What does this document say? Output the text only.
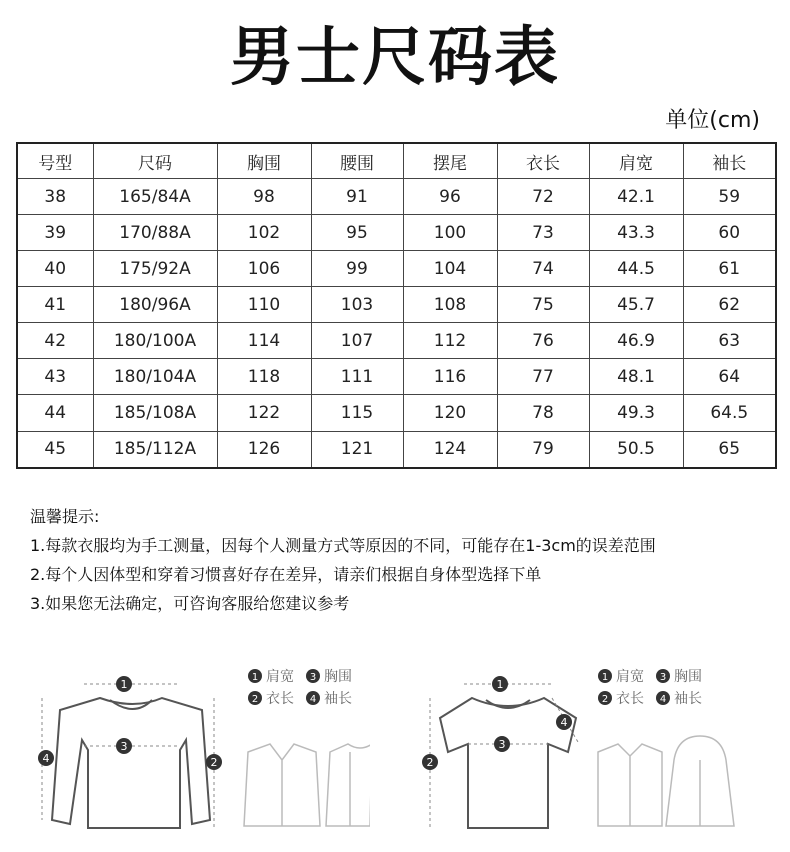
男士尺码表
单位(cm)
号型	尺码	胸围	腰围	摆尾	衣长	肩宽	袖长
38	165/84A	98	91	96	72	42.1	59
39	170/88A	102	95	100	73	43.3	60
40	175/92A	106	99	104	74	44.5	61
41	180/96A	110	103	108	75	45.7	62
42	180/100A	114	107	112	76	46.9	63
43	180/104A	118	111	116	77	48.1	64
44	185/108A	122	115	120	78	49.3	64.5
45	185/112A	126	121	124	79	50.5	65
温馨提示:
1.每款衣服均为手工测量，因每个人测量方式等原因的不同，可能存在1-3cm的误差范围
2.每个人因体型和穿着习惯喜好存在差异，请亲们根据自身体型选择下单
3.如果您无法确定，可咨询客服给您建议参考
1
3
2
4
1 肩宽 3 胸围
2 衣长 4 袖长
1
3
2
4
1 肩宽 3 胸围
2 衣长 4 袖长
